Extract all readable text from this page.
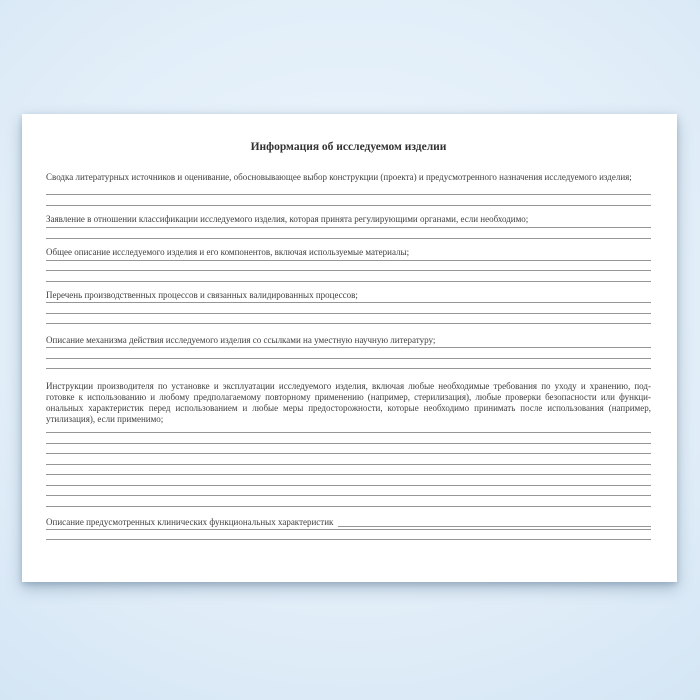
Информация об исследуемом изделии

Сводка литературных источников и оценивание, обосновывающее выбор конструкции (проекта) и предусмотренного назначения исследуемого изделия;

Заявление в отношении классификации исследуемого изделия, которая принята регулирующими органами, если необходимо;

Общее описание исследуемого изделия и его компонентов, включая используемые материалы;

Перечень производственных процессов и связанных валидированных процессов;

Описание механизма действия исследуемого изделия со ссылками на уместную научную литературу;

Инструкции производителя по установке и эксплуатации исследуемого изделия, включая любые необходимые требования по уходу и хранению, под-
готовке к использованию и любому предполагаемому повторному применению (например, стерилизация), любые проверки безопасности или функци-
ональных характеристик перед использованием и любые меры предосторожности, которые необходимо принимать после использования (например,
утилизация), если применимо;

Описание предусмотренных клинических функциональных характеристик
